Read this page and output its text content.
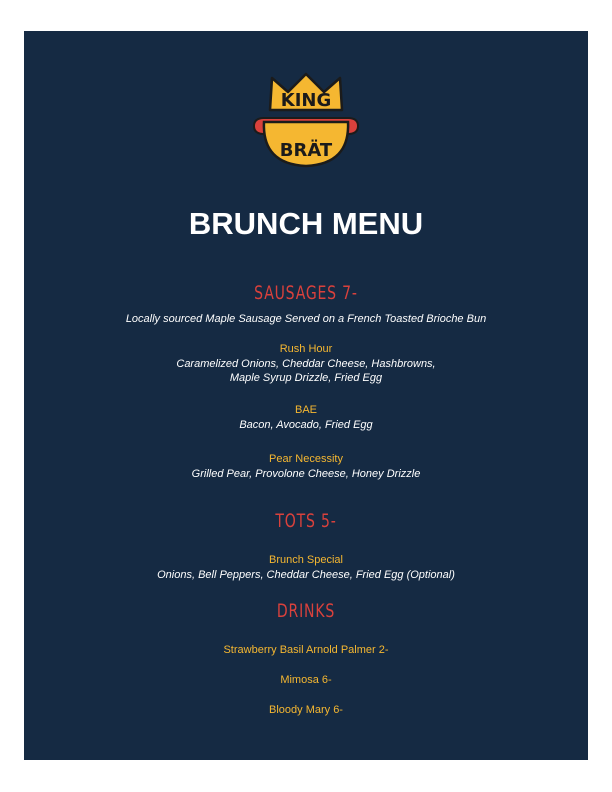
KING
BRÄT
BRUNCH MENU
SAUSAGES 7-
Locally sourced Maple Sausage Served on a French Toasted Brioche Bun
Rush Hour
Caramelized Onions, Cheddar Cheese, Hashbrowns,
Maple Syrup Drizzle, Fried Egg
BAE
Bacon, Avocado, Fried Egg
Pear Necessity
Grilled Pear, Provolone Cheese, Honey Drizzle
TOTS 5-
Brunch Special
Onions, Bell Peppers, Cheddar Cheese, Fried Egg (Optional)
DRINKS
Strawberry Basil Arnold Palmer 2-
Mimosa 6-
Bloody Mary 6-
